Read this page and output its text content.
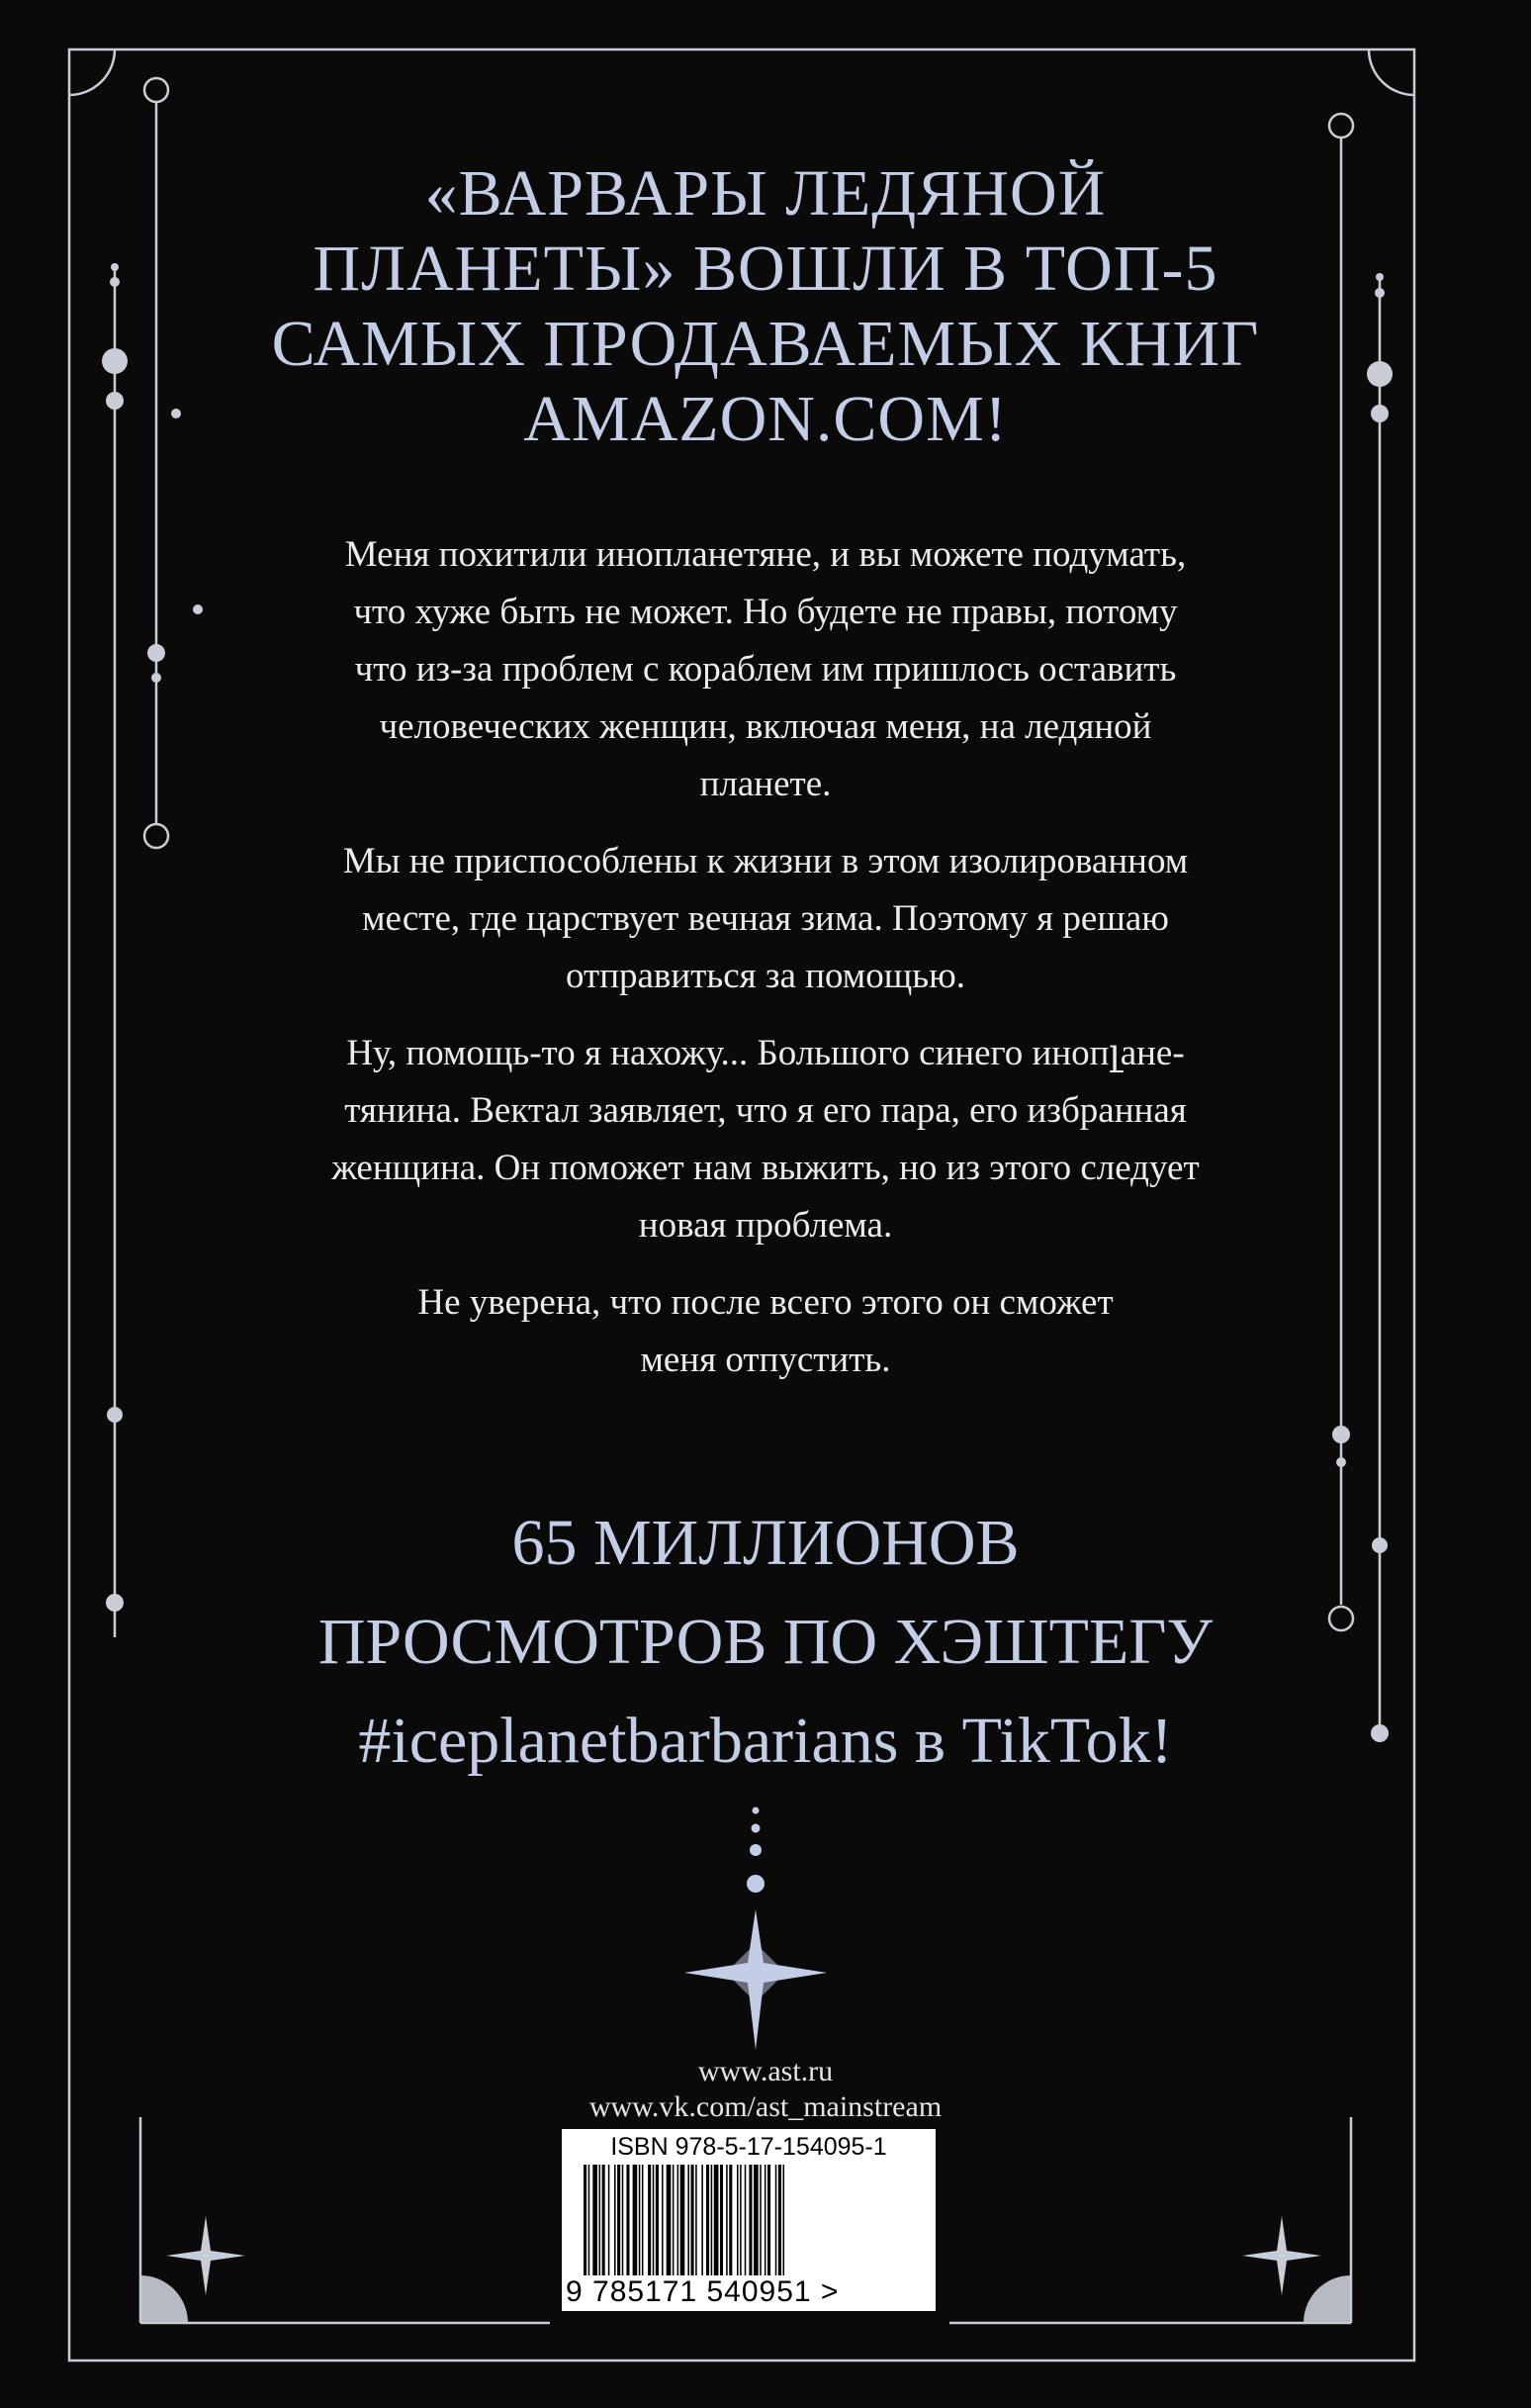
«ВАРВАРЫ ЛЕДЯНОЙ
ПЛАНЕТЫ» ВОШЛИ В ТОП-5
САМЫХ ПРОДАВАЕМЫХ КНИГ
AMAZON.COM!

Меня похитили инопланетяне, и вы можете подумать,
что хуже быть не может. Но будете не правы, потому
что из-за проблем с кораблем им пришлось оставить
человеческих женщин, включая меня, на ледяной
планете.

Мы не приспособлены к жизни в этом изолированном
месте, где царствует вечная зима. Поэтому я решаю
отправиться за помощью.

Ну, помощь-то я нахожу... Большого синего инопլане-
тянина. Вектал заявляет, что я его пара, его избранная
женщина. Он поможет нам выжить, но из этого следует
новая проблема.

Не уверена, что после всего этого он сможет
меня отпустить.

65 МИЛЛИОНОВ
ПРОСМОТРОВ ПО ХЭШТЕГУ
#iceplanetbarbarians в TikTok!
www.ast.ru
www.vk.com/ast_mainstream
ISBN 978-5-17-154095-1
9 785171 540951 >
